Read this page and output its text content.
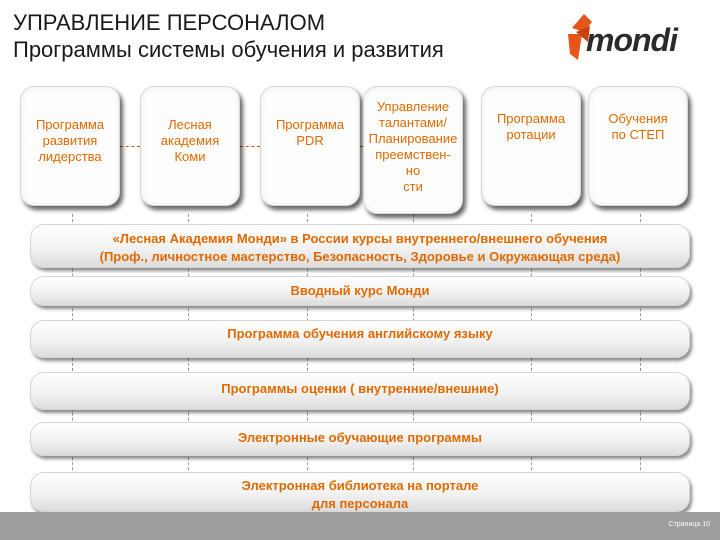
УПРАВЛЕНИЕ ПЕРСОНАЛОМ
Программы системы обучения и развития	mondi
Программа
развития
лидерства
Лесная
академия
Коми
Программа
PDR
Управление
талантами/
Планирование
преемствен-но
сти
Программа
ротации
Обучения
по СТЕП
«Лесная Академия Монди» в России курсы внутреннего/внешнего обучения
(Проф., личностное мастерство, Безопасность, Здоровье и Окружающая среда)
Вводный курс Монди
Программа обучения английскому языку
Программы оценки ( внутренние/внешние)
Электронные обучающие программы
Электронная библиотека на портале
для персонала
Страница 10
